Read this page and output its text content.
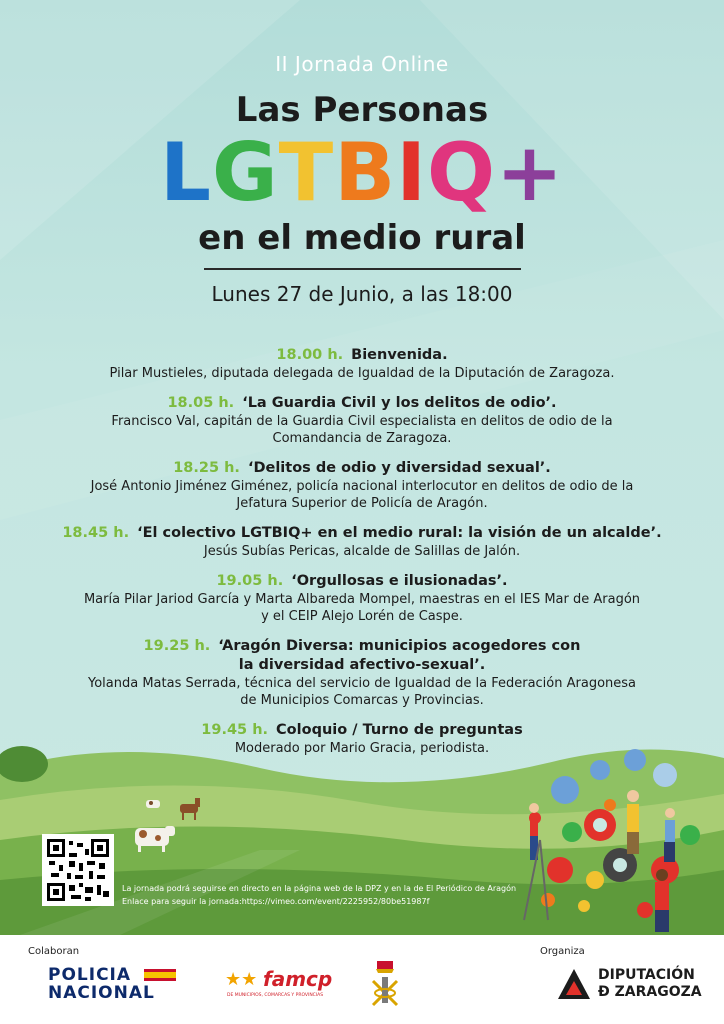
II Jornada Online
Las Personas
LGTBIQ+
en el medio rural
Lunes 27 de Junio, a las 18:00
18.00 h. Bienvenida.
Pilar Mustieles, diputada delegada de Igualdad de la Diputación de Zaragoza.
18.05 h. ‘La Guardia Civil y los delitos de odio’.
Francisco Val, capitán de la Guardia Civil especialista en delitos de odio de la
Comandancia de Zaragoza.
18.25 h. ‘Delitos de odio y diversidad sexual’.
José Antonio Jiménez Giménez, policía nacional interlocutor en delitos de odio de la
Jefatura Superior de Policía de Aragón.
18.45 h. ‘El colectivo LGTBIQ+ en el medio rural: la visión de un alcalde’.
Jesús Subías Pericas, alcalde de Salillas de Jalón.
19.05 h. ‘Orgullosas e ilusionadas’.
María Pilar Jariod García y Marta Albareda Mompel, maestras en el IES Mar de Aragón
y el CEIP Alejo Lorén de Caspe.
19.25 h. ‘Aragón Diversa: municipios acogedores con
la diversidad afectivo-sexual’.
Yolanda Matas Serrada, técnica del servicio de Igualdad de la Federación Aragonesa
de Municipios Comarcas y Provincias.
19.45 h. Coloquio / Turno de preguntas
Moderado por Mario Gracia, periodista.
La jornada podrá seguirse en directo en la página web de la DPZ y en la de El Periódico de Aragón
Enlace para seguir la jornada:https://vimeo.com/event/2225952/80be51987f
Colaboran	Organiza
POLICIA
NACIONAL
★★ famcp
DE MUNICIPIOS, COMARCAS Y PROVINCIAS
DIPUTACIÓN
Ð ZARAGOZA
